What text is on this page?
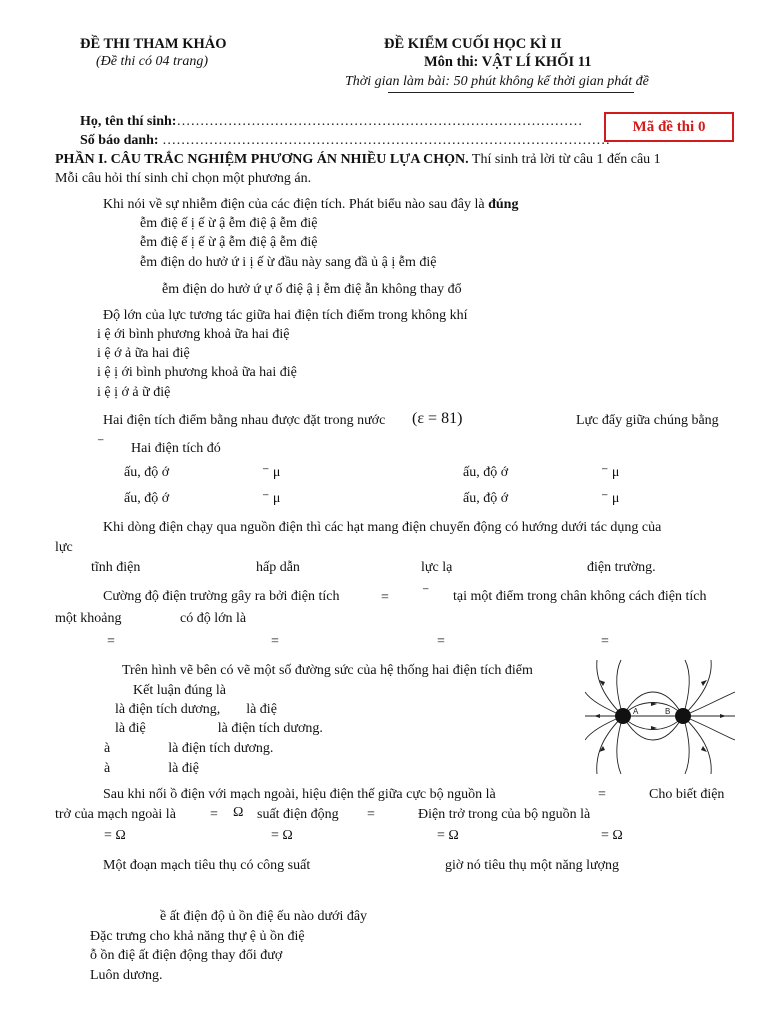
ĐỀ THI THAM KHẢO
(Đề thi có 04 trang)
ĐỀ KIỂM CUỐI HỌC KÌ II
Môn thi: VẬT LÍ KHỐI 11
Thời gian làm bài: 50 phút không kể thời gian phát đề
Họ, tên thí sinh:……………………………………………………………………………
Số báo danh: ……………………………………………………………………………………
Mã đề thi 0
PHẦN I. CÂU TRẮC NGHIỆM PHƯƠNG ÁN NHIỀU LỰA CHỌN. Thí sinh trả lời từ câu 1 đến câu 1
Mỗi câu hỏi thí sinh chỉ chọn một phương án.
Khi nói về sự nhiễm điện của các điện tích. Phát biểu nào sau đây là đúng
ễm điệ ế ị ế ừ ậ ễm điệ ậ ễm điệ
ễm điệ ế ị ế ừ ậ ễm điệ ậ ễm điệ
ễm điện do hưở ứ i ị ế ừ đầu này sang đầ ủ ậ ị ễm điệ
ễm điện do hưở ứ ự ố điệ ậ ị ễm điệ ẫn không thay đổ
Độ lớn của lực tương tác giữa hai điện tích điểm trong không khí
i ệ ới bình phương khoả ữa hai điệ
i ệ ớ ả ữa hai điệ
i ệ ị ới bình phương khoả ữa hai điệ
i ệ ị ớ ả ữ điệ
Hai điện tích điểm bằng nhau được đặt trong nước (ε = 81)	Lực đẩy giữa chúng bằng
⁻ Hai điện tích đó
ấu, độ ớ	⁻ μ	ấu, độ ớ	⁻ μ
ấu, độ ớ	⁻ μ	ấu, độ ớ	⁻ μ
Khi dòng điện chạy qua nguồn điện thì các hạt mang điện chuyển động có hướng dưới tác dụng của
lực
tĩnh điện	hấp dẫn	lực lạ	điện trường.
Cường độ điện trường gây ra bởi điện tích	= ⁻ tại một điểm trong chân không cách điện tích
một khoảng	có độ lớn là
=	=	=	=
Trên hình vẽ bên có vẽ một số đường sức của hệ thống hai điện tích điểm
Kết luận đúng là
là điện tích dương, là điệ
là điệ	là điện tích dương.
à	là điện tích dương.
à	là điệ
A	B
Sau khi nối ồ điện với mạch ngoài, hiệu điện thế giữa cực bộ nguồn là	=	Cho biết điện
trở của mạch ngoài là = Ω suất điện động =	Điện trở trong của bộ nguồn là
= Ω	= Ω	= Ω	= Ω
Một đoạn mạch tiêu thụ có công suất	giờ nó tiêu thụ một năng lượng
ề ất điện độ ủ ồn điệ ếu nào dưới đây
Đặc trưng cho khả năng thự ệ ủ ồn điệ
ỗ ồn điệ ất điện động thay đổi đượ
Luôn dương.
